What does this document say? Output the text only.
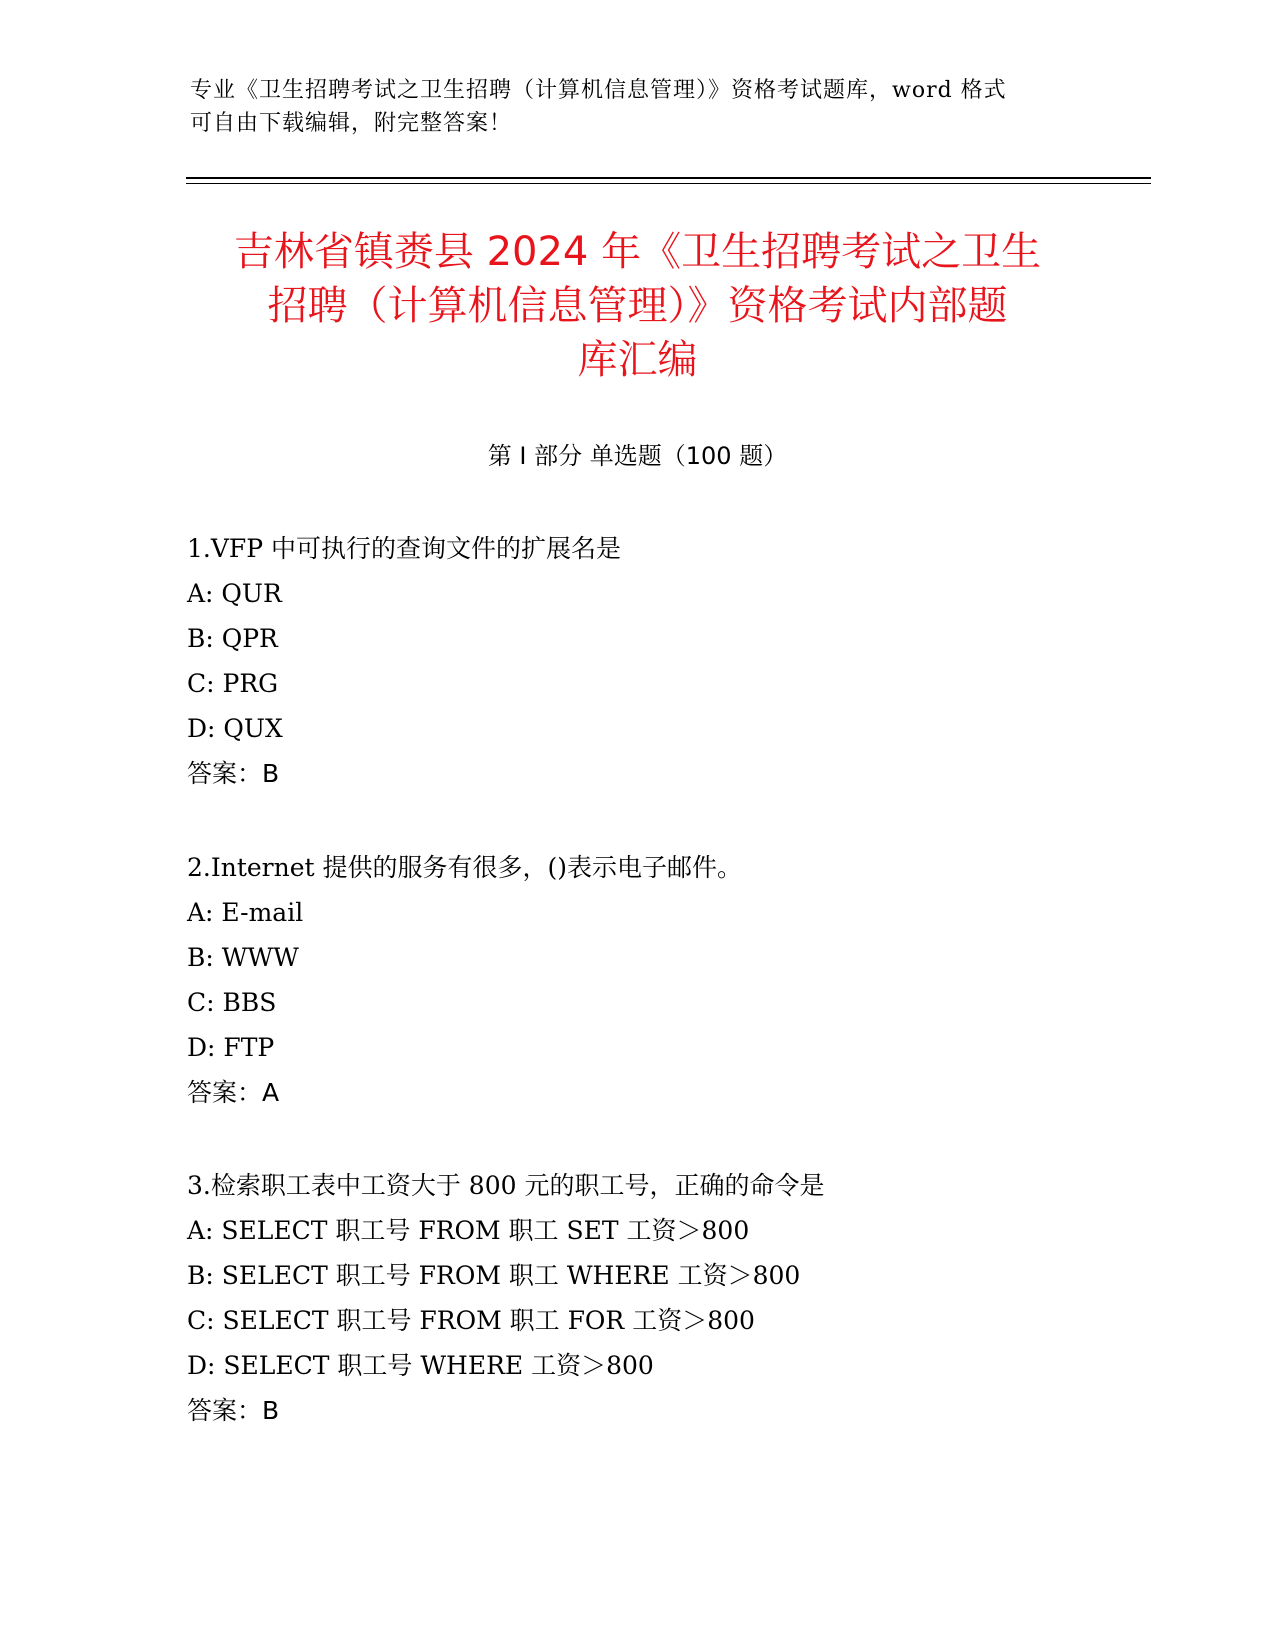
专业《卫生招聘考试之卫生招聘（计算机信息管理）》资格考试题库，word 格式
可自由下载编辑，附完整答案！
吉林省镇赉县 2024 年《卫生招聘考试之卫生
招聘（计算机信息管理）》资格考试内部题
库汇编
第 I 部分 单选题（100 题）
1.VFP 中可执行的查询文件的扩展名是
A: QUR
B: QPR
C: PRG
D: QUX
答案：B
2.Internet 提供的服务有很多，()表示电子邮件。
A: E-mail
B: WWW
C: BBS
D: FTP
答案：A
3.检索职工表中工资大于 800 元的职工号，正确的命令是
A: SELECT 职工号 FROM 职工 SET 工资＞800
B: SELECT 职工号 FROM 职工 WHERE 工资＞800
C: SELECT 职工号 FROM 职工 FOR 工资＞800
D: SELECT 职工号 WHERE 工资＞800
答案：B
